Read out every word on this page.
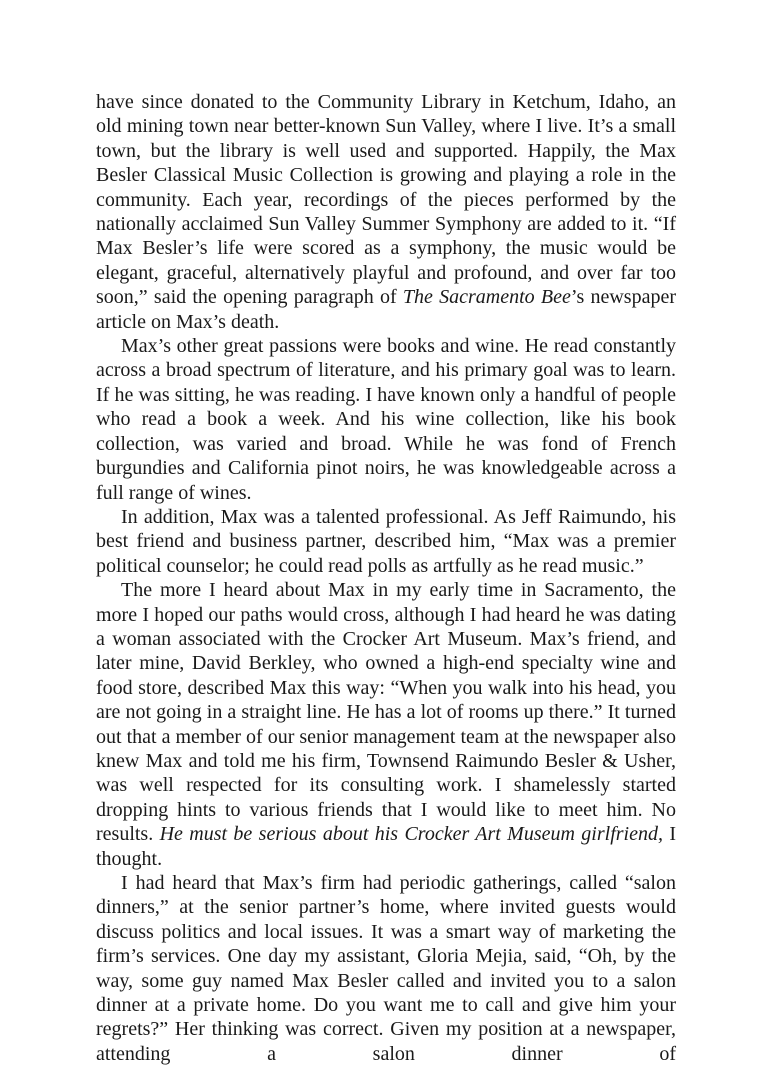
have since donated to the Community Library in Ketchum, Idaho, an old mining town near better-known Sun Valley, where I live. It’s a small town, but the library is well used and supported. Happily, the Max Besler Classical Music Collection is growing and playing a role in the community. Each year, recordings of the pieces performed by the nationally acclaimed Sun Valley Summer Symphony are added to it. “If Max Besler’s life were scored as a symphony, the music would be elegant, graceful, alternatively playful and profound, and over far too soon,” said the opening paragraph of The Sacramento Bee’s newspaper article on Max’s death.

Max’s other great passions were books and wine. He read constantly across a broad spectrum of literature, and his primary goal was to learn. If he was sitting, he was reading. I have known only a handful of people who read a book a week. And his wine collection, like his book collection, was varied and broad. While he was fond of French burgundies and California pinot noirs, he was knowledgeable across a full range of wines.

In addition, Max was a talented professional. As Jeff Raimundo, his best friend and business partner, described him, “Max was a premier political counselor; he could read polls as artfully as he read music.”

The more I heard about Max in my early time in Sacramento, the more I hoped our paths would cross, although I had heard he was dating a woman associated with the Crocker Art Museum. Max’s friend, and later mine, David Berkley, who owned a high-end specialty wine and food store, described Max this way: “When you walk into his head, you are not going in a straight line. He has a lot of rooms up there.” It turned out that a member of our senior management team at the newspaper also knew Max and told me his firm, Townsend Raimundo Besler & Usher, was well respected for its consulting work. I shamelessly started dropping hints to various friends that I would like to meet him. No results. He must be serious about his Crocker Art Museum girlfriend, I thought.

I had heard that Max’s firm had periodic gatherings, called “salon dinners,” at the senior partner’s home, where invited guests would discuss politics and local issues. It was a smart way of marketing the firm’s services. One day my assistant, Gloria Mejia, said, “Oh, by the way, some guy named Max Besler called and invited you to a salon dinner at a private home. Do you want me to call and give him your regrets?” Her thinking was correct. Given my position at a newspaper, attending a salon dinner of
